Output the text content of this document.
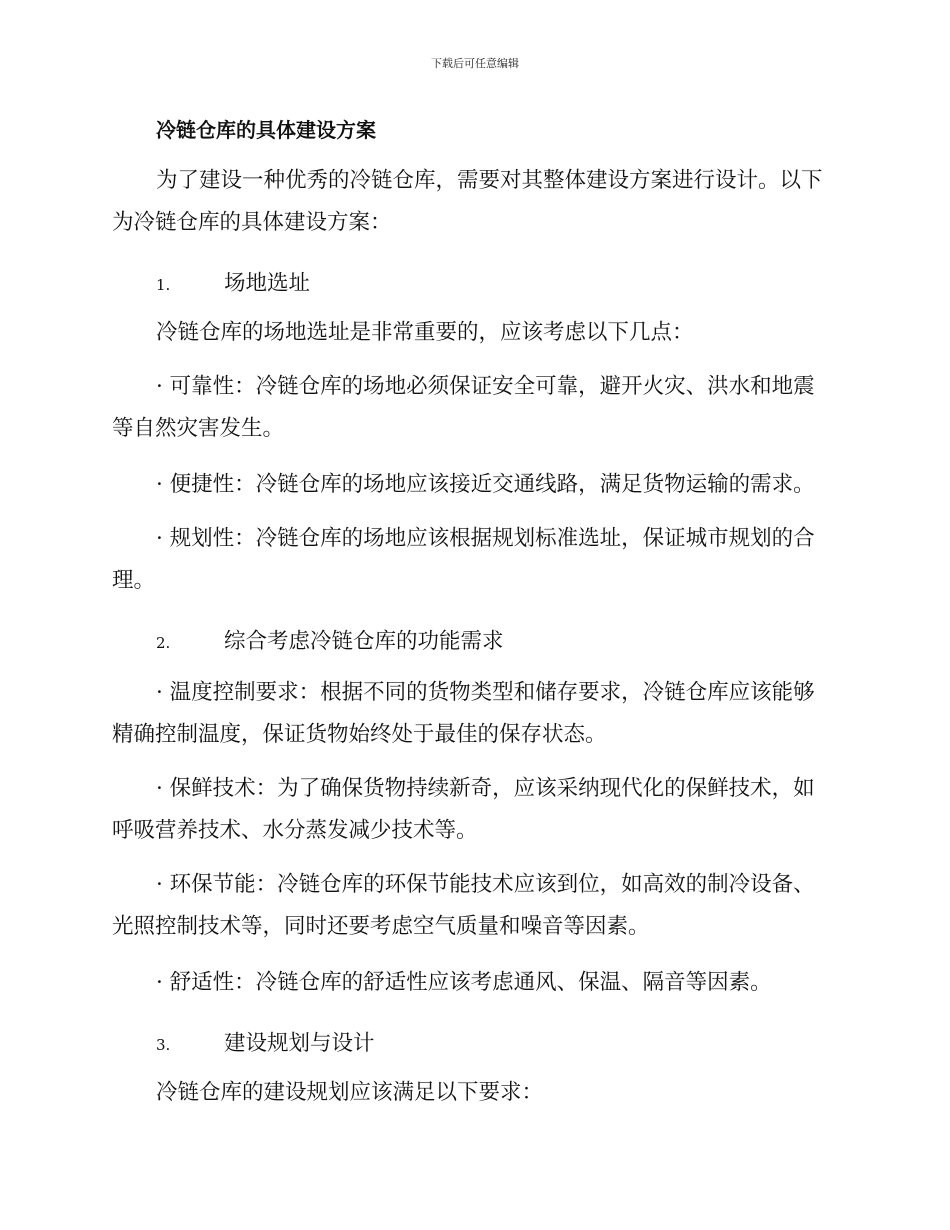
下载后可任意编辑
冷链仓库的具体建设方案

为了建设一种优秀的冷链仓库，需要对其整体建设方案进行设计。以下为冷链仓库的具体建设方案：

1. 场地选址

冷链仓库的场地选址是非常重要的，应该考虑以下几点：

· 可靠性：冷链仓库的场地必须保证安全可靠，避开火灾、洪水和地震等自然灾害发生。

· 便捷性：冷链仓库的场地应该接近交通线路，满足货物运输的需求。

· 规划性：冷链仓库的场地应该根据规划标准选址，保证城市规划的合理。

2. 综合考虑冷链仓库的功能需求

· 温度控制要求：根据不同的货物类型和储存要求，冷链仓库应该能够精确控制温度，保证货物始终处于最佳的保存状态。

· 保鲜技术：为了确保货物持续新奇，应该采纳现代化的保鲜技术，如呼吸营养技术、水分蒸发减少技术等。

· 环保节能：冷链仓库的环保节能技术应该到位，如高效的制冷设备、光照控制技术等，同时还要考虑空气质量和噪音等因素。

· 舒适性：冷链仓库的舒适性应该考虑通风、保温、隔音等因素。

3. 建设规划与设计

冷链仓库的建设规划应该满足以下要求：
